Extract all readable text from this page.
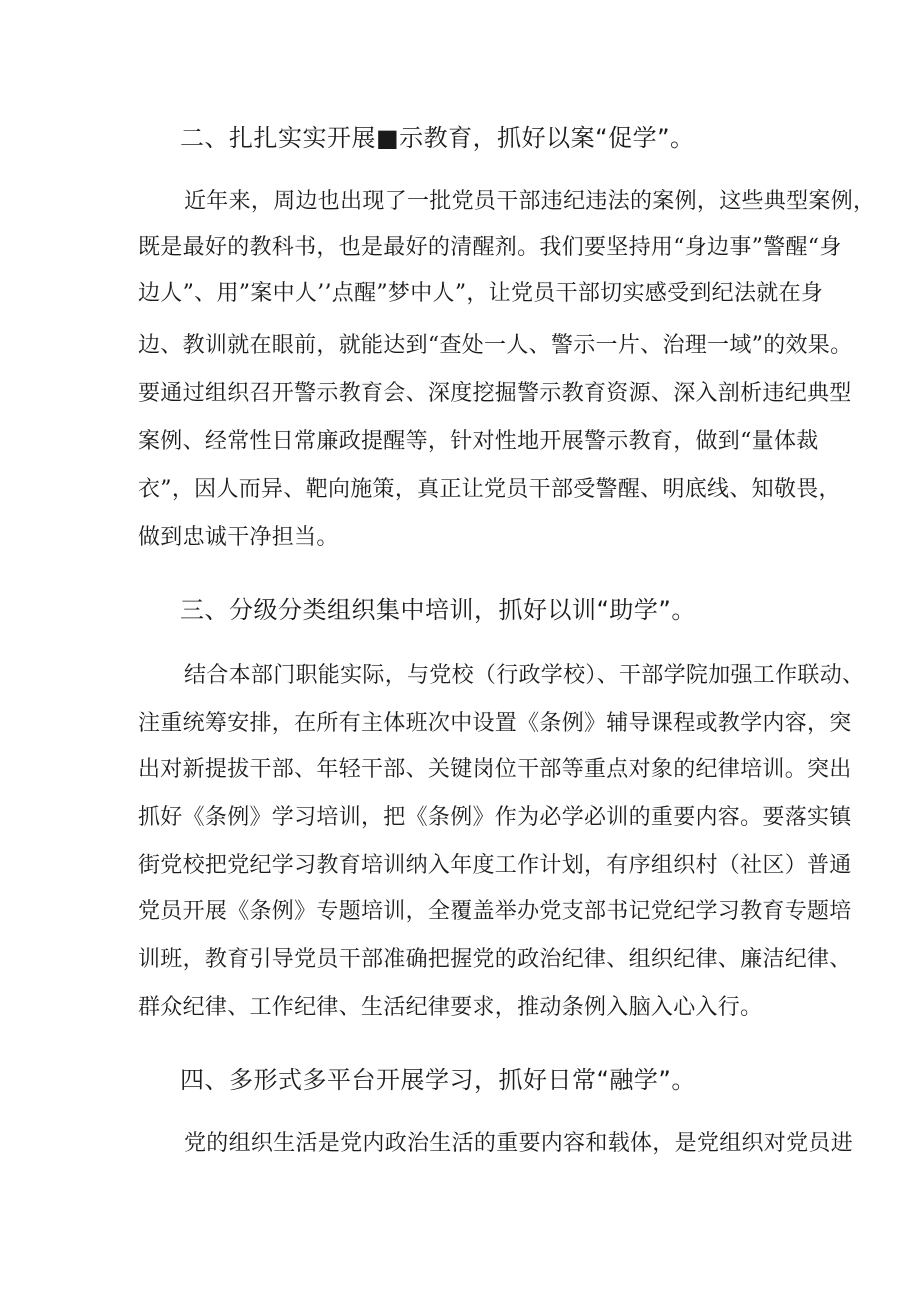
二、扎扎实实开展■示教育，抓好以案“促学”。
近年来，周边也出现了一批党员干部违纪违法的案例，这些典型案例，
既是最好的教科书，也是最好的清醒剂。我们要坚持用“身边事”警醒“身
边人”、用”案中人’’点醒”梦中人”，让党员干部切实感受到纪法就在身
边、教训就在眼前，就能达到“查处一人、警示一片、治理一域”的效果。
要通过组织召开警示教育会、深度挖掘警示教育资源、深入剖析违纪典型
案例、经常性日常廉政提醒等，针对性地开展警示教育，做到“量体裁
衣”，因人而异、靶向施策，真正让党员干部受警醒、明底线、知敬畏，
做到忠诚干净担当。
三、分级分类组织集中培训，抓好以训“助学”。
结合本部门职能实际，与党校（行政学校）、干部学院加强工作联动、
注重统筹安排，在所有主体班次中设置《条例》辅导课程或教学内容，突
出对新提拔干部、年轻干部、关键岗位干部等重点对象的纪律培训。突出
抓好《条例》学习培训，把《条例》作为必学必训的重要内容。要落实镇
街党校把党纪学习教育培训纳入年度工作计划，有序组织村（社区）普通
党员开展《条例》专题培训，全覆盖举办党支部书记党纪学习教育专题培
训班，教育引导党员干部准确把握党的政治纪律、组织纪律、廉洁纪律、
群众纪律、工作纪律、生活纪律要求，推动条例入脑入心入行。
四、多形式多平台开展学习，抓好日常“融学”。
党的组织生活是党内政治生活的重要内容和载体，是党组织对党员进
